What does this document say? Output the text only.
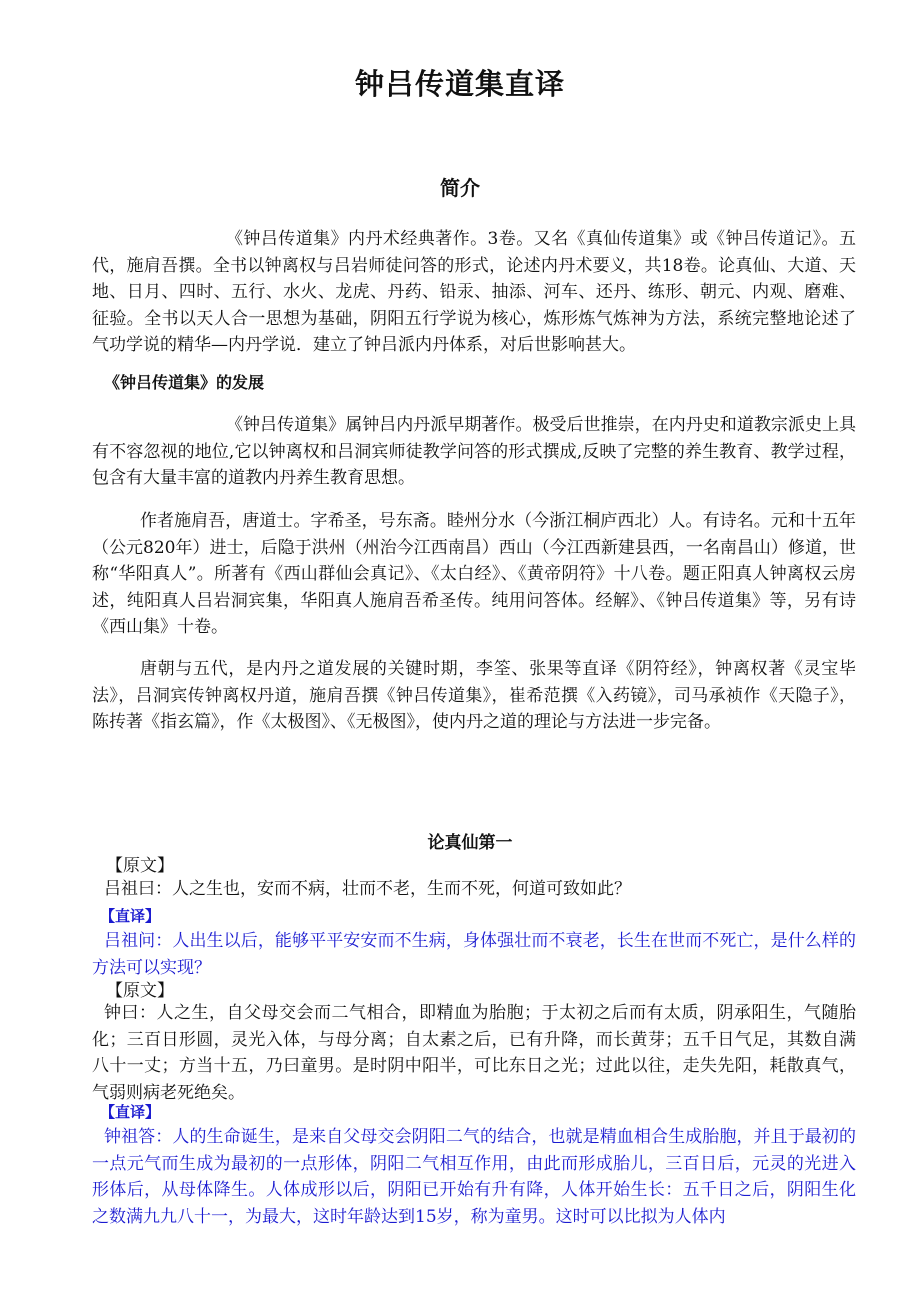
钟吕传道集直译
简介

《钟吕传道集》内丹术经典著作。3卷。又名《真仙传道集》或《钟吕传道记》。五代，施肩吾撰。全书以钟离权与吕岩师徒问答的形式，论述内丹术要义，共18卷。论真仙、大道、天地、日月、四时、五行、水火、龙虎、丹药、铅汞、抽添、河车、还丹、练形、朝元、内观、磨难、征验。全书以天人合一思想为基础，阴阳五行学说为核心，炼形炼气炼神为方法，系统完整地论述了气功学说的精华—内丹学说．建立了钟吕派内丹体系，对后世影响甚大。

《钟吕传道集》的发展

《钟吕传道集》属钟吕内丹派早期著作。极受后世推崇，在内丹史和道教宗派史上具有不容忽视的地位,它以钟离权和吕洞宾师徒教学问答的形式撰成,反映了完整的养生教育、教学过程，包含有大量丰富的道教内丹养生教育思想。

作者施肩吾，唐道士。字希圣，号东斋。睦州分水（今浙江桐庐西北）人。有诗名。元和十五年（公元820年）进士，后隐于洪州（州治今江西南昌）西山（今江西新建县西，一名南昌山）修道，世称“华阳真人”。所著有《西山群仙会真记》、《太白经》、《黄帝阴符》十八卷。题正阳真人钟离权云房述，纯阳真人吕岩洞宾集，华阳真人施肩吾希圣传。纯用问答体。经解》、《钟吕传道集》等，另有诗《西山集》十卷。

唐朝与五代，是内丹之道发展的关键时期，李筌、张果等直译《阴符经》，钟离权著《灵宝毕法》，吕洞宾传钟离权丹道，施肩吾撰《钟吕传道集》，崔希范撰《入药镜》，司马承祯作《天隐子》，陈抟著《指玄篇》，作《太极图》、《无极图》，使内丹之道的理论与方法进一步完备。

论真仙第一
【原文】
吕祖曰：人之生也，安而不病，壮而不老，生而不死，何道可致如此？
【直译】
吕祖问：人出生以后，能够平平安安而不生病，身体强壮而不衰老，长生在世而不死亡，是什么样的方法可以实现？
【原文】
钟曰：人之生，自父母交会而二气相合，即精血为胎胞；于太初之后而有太质，阴承阳生，气随胎化；三百日形圆，灵光入体，与母分离；自太素之后，已有升降，而长黄芽；五千日气足，其数自满八十一丈；方当十五，乃曰童男。是时阴中阳半，可比东日之光；过此以往，走失先阳，耗散真气，气弱则病老死绝矣。
【直译】
钟祖答：人的生命诞生，是来自父母交会阴阳二气的结合，也就是精血相合生成胎胞，并且于最初的一点元气而生成为最初的一点形体，阴阳二气相互作用，由此而形成胎儿，三百日后，元灵的光进入形体后，从母体降生。人体成形以后，阴阳已开始有升有降，人体开始生长：五千日之后，阴阳生化之数满九九八十一，为最大，这时年龄达到15岁，称为童男。这时可以比拟为人体内
